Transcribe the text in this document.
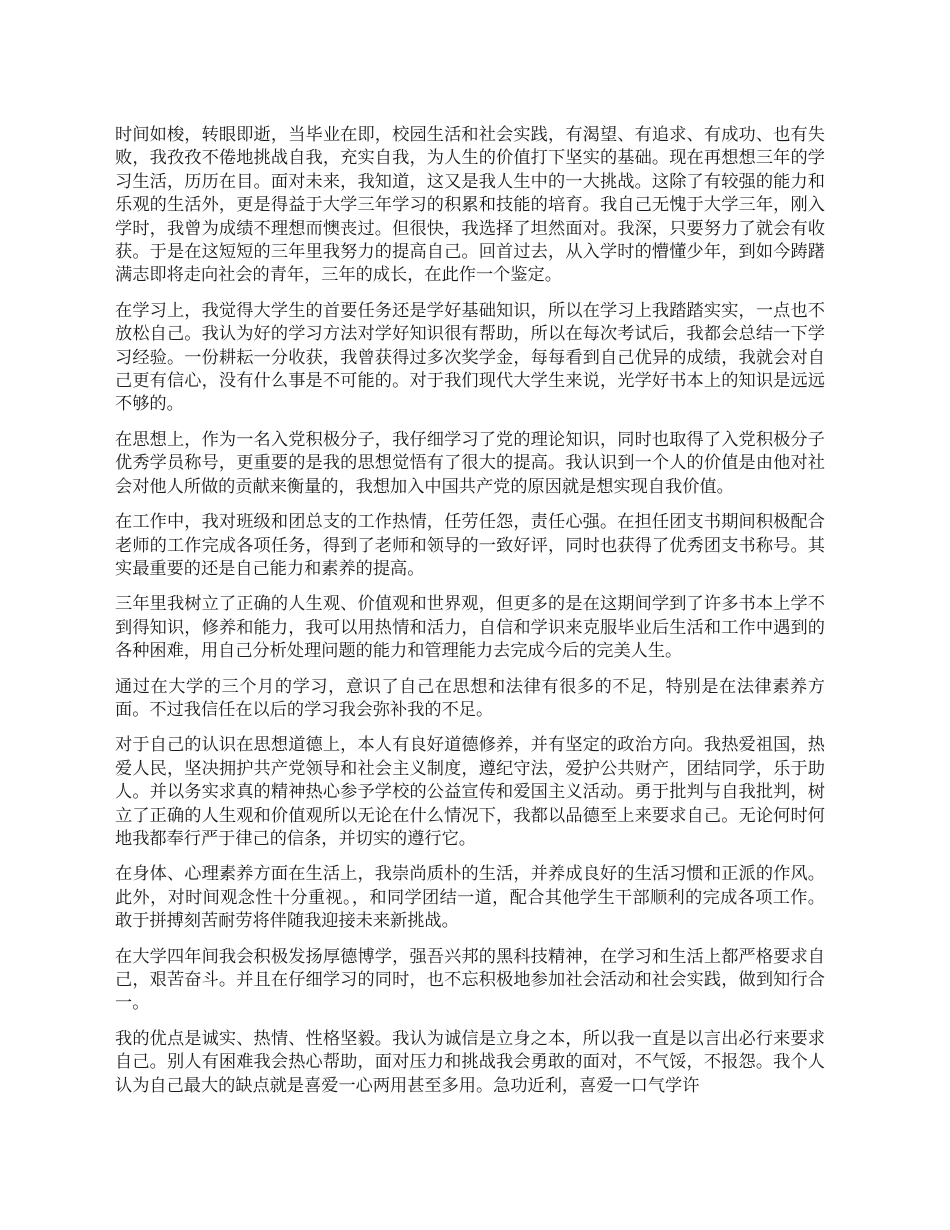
时间如梭，转眼即逝，当毕业在即，校园生活和社会实践，有渴望、有追求、有成功、也有失败，我孜孜不倦地挑战自我，充实自我，为人生的价值打下坚实的基础。现在再想想三年的学习生活，历历在目。面对未来，我知道，这又是我人生中的一大挑战。这除了有较强的能力和乐观的生活外，更是得益于大学三年学习的积累和技能的培育。我自己无愧于大学三年，刚入学时，我曾为成绩不理想而懊丧过。但很快，我选择了坦然面对。我深，只要努力了就会有收获。于是在这短短的三年里我努力的提高自己。回首过去，从入学时的懵懂少年，到如今踌躇满志即将走向社会的青年，三年的成长，在此作一个鉴定。

在学习上，我觉得大学生的首要任务还是学好基础知识，所以在学习上我踏踏实实，一点也不放松自己。我认为好的学习方法对学好知识很有帮助，所以在每次考试后，我都会总结一下学习经验。一份耕耘一分收获，我曾获得过多次奖学金，每每看到自己优异的成绩，我就会对自己更有信心，没有什么事是不可能的。对于我们现代大学生来说，光学好书本上的知识是远远不够的。

在思想上，作为一名入党积极分子，我仔细学习了党的理论知识，同时也取得了入党积极分子优秀学员称号，更重要的是我的思想觉悟有了很大的提高。我认识到一个人的价值是由他对社会对他人所做的贡献来衡量的，我想加入中国共产党的原因就是想实现自我价值。

在工作中，我对班级和团总支的工作热情，任劳任怨，责任心强。在担任团支书期间积极配合老师的工作完成各项任务，得到了老师和领导的一致好评，同时也获得了优秀团支书称号。其实最重要的还是自己能力和素养的提高。

三年里我树立了正确的人生观、价值观和世界观，但更多的是在这期间学到了许多书本上学不到得知识，修养和能力，我可以用热情和活力，自信和学识来克服毕业后生活和工作中遇到的各种困难，用自己分析处理问题的能力和管理能力去完成今后的完美人生。

通过在大学的三个月的学习，意识了自己在思想和法律有很多的不足，特别是在法律素养方面。不过我信任在以后的学习我会弥补我的不足。

对于自己的认识在思想道德上，本人有良好道德修养，并有坚定的政治方向。我热爱祖国，热爱人民，坚决拥护共产党领导和社会主义制度，遵纪守法，爱护公共财产，团结同学，乐于助人。并以务实求真的精神热心参予学校的公益宣传和爱国主义活动。勇于批判与自我批判，树立了正确的人生观和价值观所以无论在什么情况下，我都以品德至上来要求自己。无论何时何地我都奉行严于律己的信条，并切实的遵行它。

在身体、心理素养方面在生活上，我崇尚质朴的生活，并养成良好的生活习惯和正派的作风。此外，对时间观念性十分重视。，和同学团结一道，配合其他学生干部顺利的完成各项工作。敢于拼搏刻苦耐劳将伴随我迎接未来新挑战。

在大学四年间我会积极发扬厚德博学，强吾兴邦的黑科技精神，在学习和生活上都严格要求自己，艰苦奋斗。并且在仔细学习的同时，也不忘积极地参加社会活动和社会实践，做到知行合一。

我的优点是诚实、热情、性格坚毅。我认为诚信是立身之本，所以我一直是以言出必行来要求自己。别人有困难我会热心帮助，面对压力和挑战我会勇敢的面对，不气馁，不报怨。我个人认为自己最大的缺点就是喜爱一心两用甚至多用。急功近利，喜爱一口气学许
